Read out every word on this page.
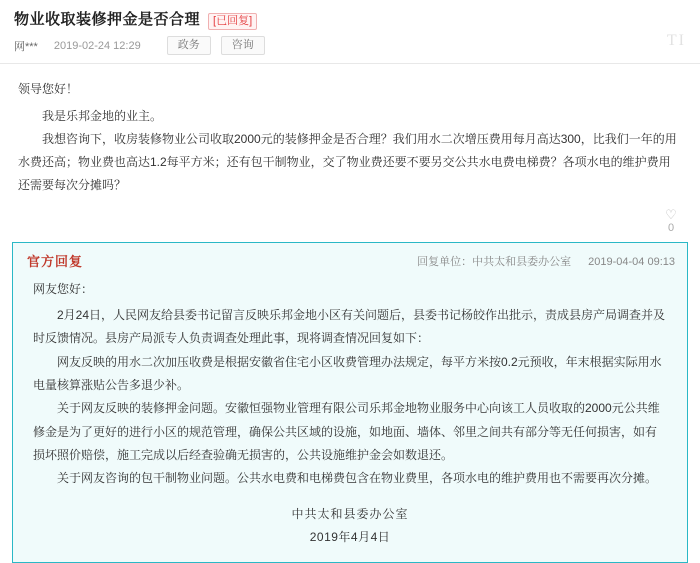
物业收取装修押金是否合理	[已回复]
网*** 2019-02-24 12:29	政务	咨询	TI

领导您好！

我是乐邦金地的业主。

我想咨询下，收房装修物业公司收取2000元的装修押金是否合理？我们用水二次增压费用每月高达300，比我们一年的用水费还高；物业费也高达1.2每平方米；还有包干制物业，交了物业费还要不要另交公共水电费电梯费？各项水电的维护费用还需要每次分摊吗？

♡
0
官方回复	回复单位：中共太和县委办公室 2019-04-04 09:13

网友您好：

2月24日，人民网友给县委书记留言反映乐邦金地小区有关问题后，县委书记杨皎作出批示，责成县房产局调查并及时反馈情况。县房产局派专人负责调查处理此事，现将调查情况回复如下：

网友反映的用水二次加压收费是根据安徽省住宅小区收费管理办法规定，每平方米按0.2元预收，年末根据实际用水电量核算涨贴公告多退少补。

关于网友反映的装修押金问题。安徽恒强物业管理有限公司乐邦金地物业服务中心向该工人员收取的2000元公共维修金是为了更好的进行小区的规范管理，确保公共区域的设施，如地面、墙体、邻里之间共有部分等无任何损害，如有损坏照价赔偿，施工完成以后经查验确无损害的，公共设施维护金会如数退还。

关于网友咨询的包干制物业问题。公共水电费和电梯费包含在物业费里，各项水电的维护费用也不需要再次分摊。

中共太和县委办公室
2019年4月4日
